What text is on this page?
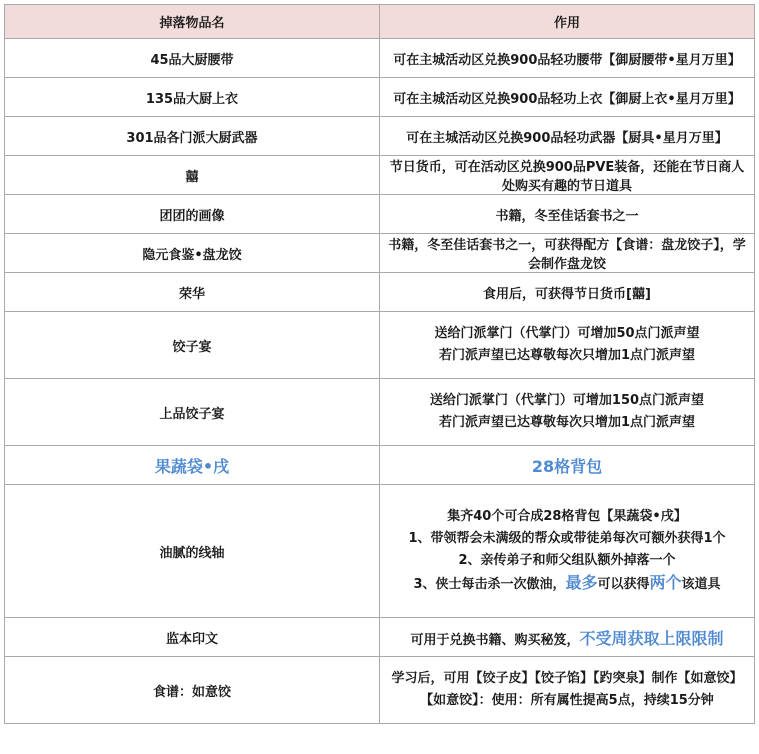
掉落物品名	作用
45品大厨腰带	可在主城活动区兑换900品轻功腰带【御厨腰带•星月万里】
135品大厨上衣	可在主城活动区兑换900品轻功上衣【御厨上衣•星月万里】
301品各门派大厨武器	可在主城活动区兑换900品轻功武器【厨具•星月万里】
囍	节日货币，可在活动区兑换900品PVE装备，还能在节日商人处购买有趣的节日道具
团团的画像	书籍，冬至佳话套书之一
隐元食鉴•盘龙饺	书籍，冬至佳话套书之一，可获得配方【食谱：盘龙饺子】，学会制作盘龙饺
荣华	食用后，可获得节日货币[囍]
饺子宴	送给门派掌门（代掌门）可增加50点门派声望
若门派声望已达尊敬每次只增加1点门派声望

上品饺子宴	送给门派掌门（代掌门）可增加150点门派声望
若门派声望已达尊敬每次只增加1点门派声望

果蔬袋•戌	28格背包
油腻的线轴	集齐40个可合成28格背包【果蔬袋•戌】
1、带领帮会未满级的帮众或带徒弟每次可额外获得1个
2、亲传弟子和师父组队额外掉落一个
3、侠士每击杀一次傲油，最多可以获得两个该道具

监本印文	可用于兑换书籍、购买秘笈，不受周获取上限限制
食谱：如意饺	学习后，可用【饺子皮】【饺子馅】【趵突泉】制作【如意饺】
【如意饺】：使用：所有属性提高5点，持续15分钟
